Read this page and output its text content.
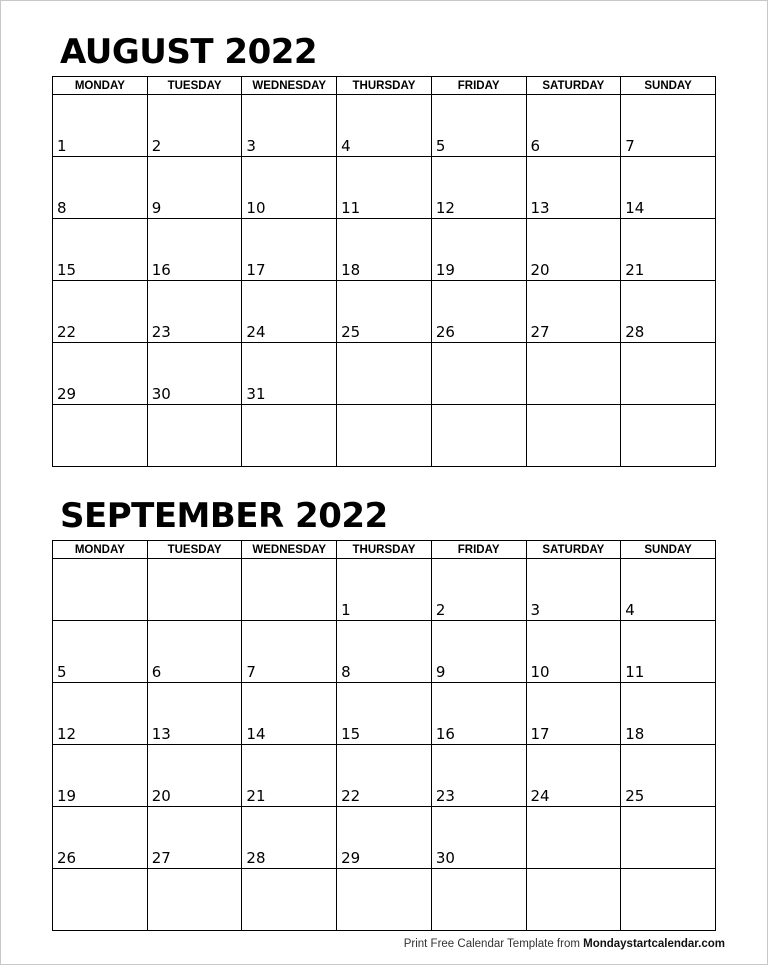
AUGUST 2022
MONDAY	TUESDAY	WEDNESDAY	THURSDAY	FRIDAY	SATURDAY	SUNDAY

1	2	3	4	5	6	7

8	9	10	11	12	13	14

15	16	17	18	19	20	21

22	23	24	25	26	27	28

29	30	31				

SEPTEMBER 2022
MONDAY	TUESDAY	WEDNESDAY	THURSDAY	FRIDAY	SATURDAY	SUNDAY

			1	2	3	4

5	6	7	8	9	10	11

12	13	14	15	16	17	18

19	20	21	22	23	24	25

26	27	28	29	30		

Print Free Calendar Template from Mondaystartcalendar.com
